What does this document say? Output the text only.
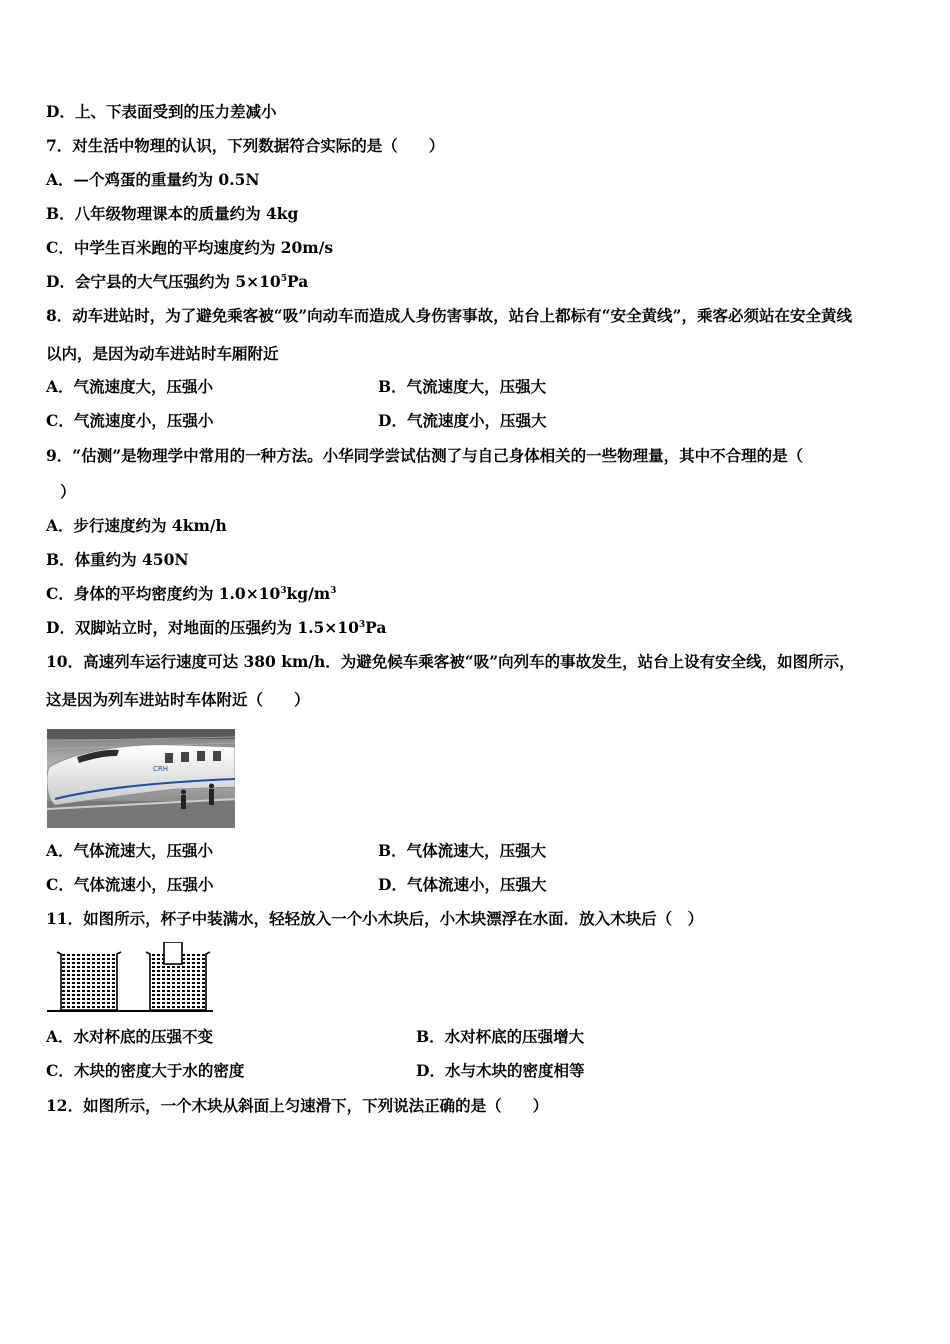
D．上、下表面受到的压力差减小
7．对生活中物理的认识，下列数据符合实际的是（　　）
A．—个鸡蛋的重量约为 0.5N
B．八年级物理课本的质量约为 4kg
C．中学生百米跑的平均速度约为 20m/s
D．会宁县的大气压强约为 $5\times 10^5Pa$
8．动车进站时，为了避免乘客被“吸”向动车而造成人身伤害事故，站台上都标有“安全黄线”，乘客必须站在安全黄线
以内，是因为动车进站时车厢附近
A．气流速度大，压强小	B．气流速度大，压强大
C．气流速度小，压强小	D．气流速度小，压强大
9．“估测”是物理学中常用的一种方法。小华同学尝试估测了与自己身体相关的一些物理量，其中不合理的是（
）
A．步行速度约为 4km/h
B．体重约为 450N
C．身体的平均密度约为 $1.0\times 10^3kg/m^3$
D．双脚站立时，对地面的压强约为 $1.5\times 10^3Pa$
10．高速列车运行速度可达 380 km/h．为避免候车乘客被“吸”向列车的事故发生，站台上设有安全线，如图所示，
这是因为列车进站时车体附近（　　）
CRH
A．气体流速大，压强小	B．气体流速大，压强大
C．气体流速小，压强小	D．气体流速小，压强大
11．如图所示，杯子中装满水，轻轻放入一个小木块后，小木块漂浮在水面．放入木块后（　）
A．水对杯底的压强不变	B．水对杯底的压强增大
C．木块的密度大于水的密度	D．水与木块的密度相等
12．如图所示，一个木块从斜面上匀速滑下，下列说法正确的是（　　）
